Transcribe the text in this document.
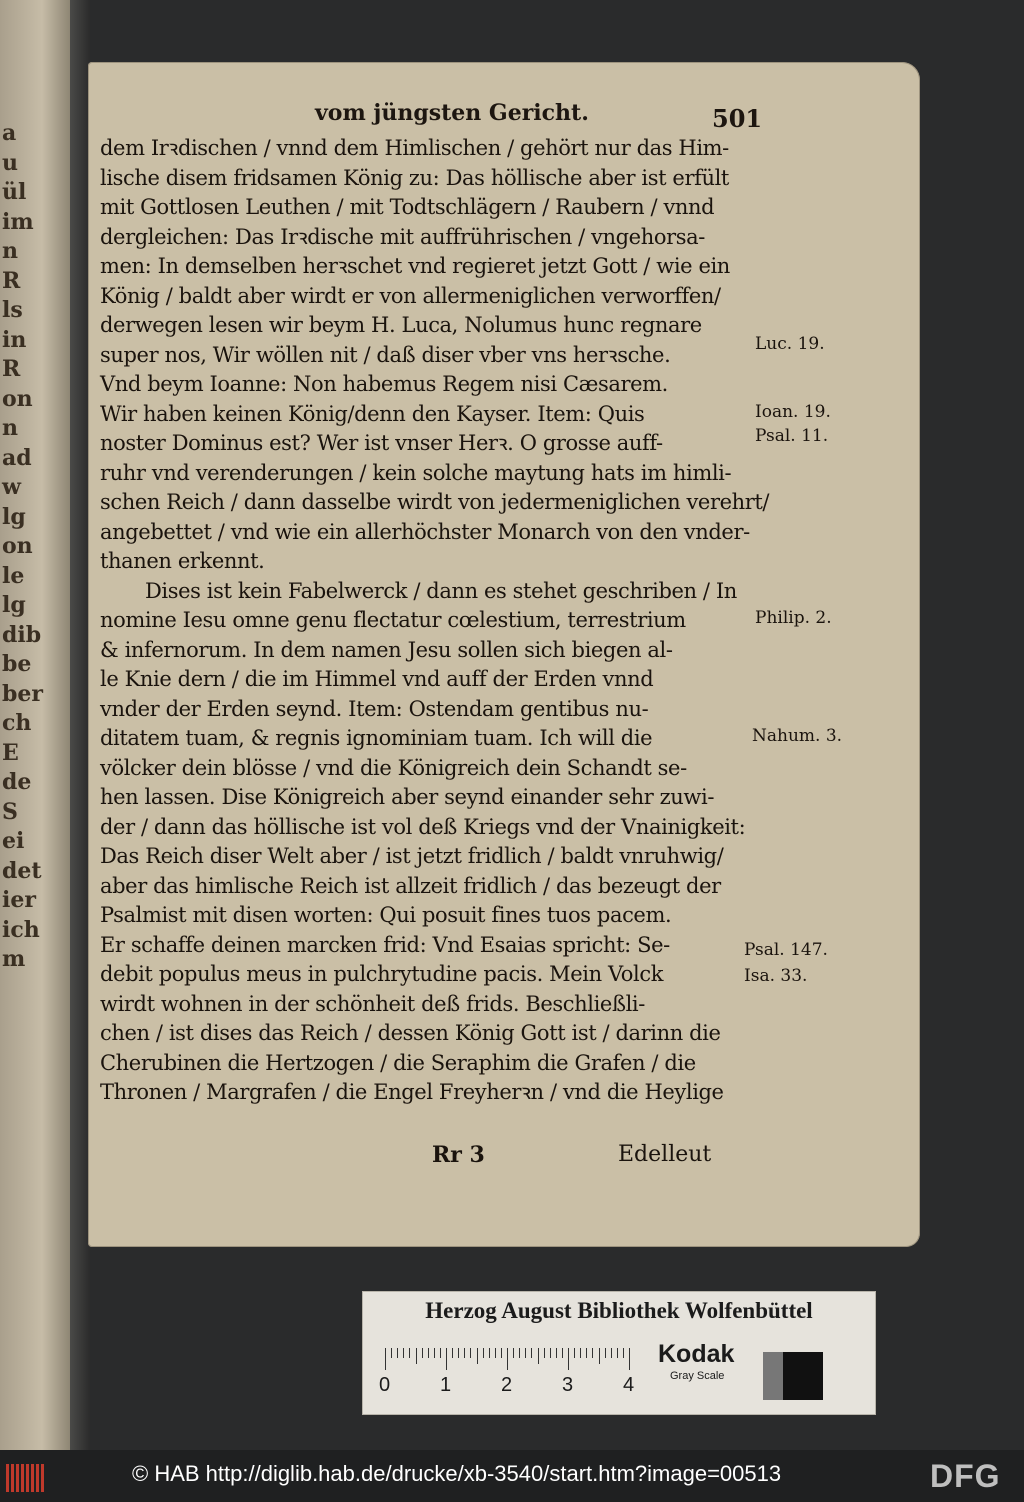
a
u
ül
im
n
R
ls
in
R
on
n
ad
w
lg
on
le
lg
dib
be
ber
ch
E
de
S
ei
det
ier
ich
m
vom jüngsten Gericht.	501
dem Irꝛdischen / vnnd dem Himlischen / gehört nur das Him-
lische disem fridsamen König zu: Das höllische aber ist erfült
mit Gottlosen Leuthen / mit Todtschlägern / Raubern / vnnd
dergleichen: Das Irꝛdische mit auffrührischen / vngehorsa-
men: In demselben herꝛschet vnd regieret jetzt Gott / wie ein
König / baldt aber wirdt er von allermeniglichen verworffen/
derwegen lesen wir beym H. Luca, Nolumus hunc regnare
super nos, Wir wöllen nit / daß diser vber vns herꝛsche.
Vnd beym Ioanne: Non habemus Regem nisi Cæsarem.
Wir haben keinen König/denn den Kayser. Item: Quis
noster Dominus est? Wer ist vnser Herꝛ. O grosse auff-
ruhr vnd verenderungen / kein solche maytung hats im himli-
schen Reich / dann dasselbe wirdt von jedermeniglichen verehrt/
angebettet / vnd wie ein allerhöchster Monarch von den vnder-
thanen erkennt.
Dises ist kein Fabelwerck / dann es stehet geschriben / In
nomine Iesu omne genu flectatur cœlestium, terrestrium
& infernorum. In dem namen Jesu sollen sich biegen al-
le Knie dern / die im Himmel vnd auff der Erden vnnd
vnder der Erden seynd. Item: Ostendam gentibus nu-
ditatem tuam, & regnis ignominiam tuam. Ich will die
völcker dein blösse / vnd die Königreich dein Schandt se-
hen lassen. Dise Königreich aber seynd einander sehr zuwi-
der / dann das höllische ist vol deß Kriegs vnd der Vnainigkeit:
Das Reich diser Welt aber / ist jetzt fridlich / baldt vnruhwig/
aber das himlische Reich ist allzeit fridlich / das bezeugt der
Psalmist mit disen worten: Qui posuit fines tuos pacem.
Er schaffe deinen marcken frid: Vnd Esaias spricht: Se-
debit populus meus in pulchrytudine pacis. Mein Volck
wirdt wohnen in der schönheit deß frids. Beschließli-
chen / ist dises das Reich / dessen König Gott ist / darinn die
Cherubinen die Hertzogen / die Seraphim die Grafen / die
Thronen / Margrafen / die Engel Freyherꝛn / vnd die Heylige
Luc. 19.
Ioan. 19.
Psal. 11.
Philip. 2.
Nahum. 3.
Psal. 147.
Isa. 33.
Rr 3	Edelleut
Herzog August Bibliothek Wolfenbüttel
0 1 2 3 4
Kodak
Gray Scale
© HAB http://diglib.hab.de/drucke/xb-3540/start.htm?image=00513	DFG
